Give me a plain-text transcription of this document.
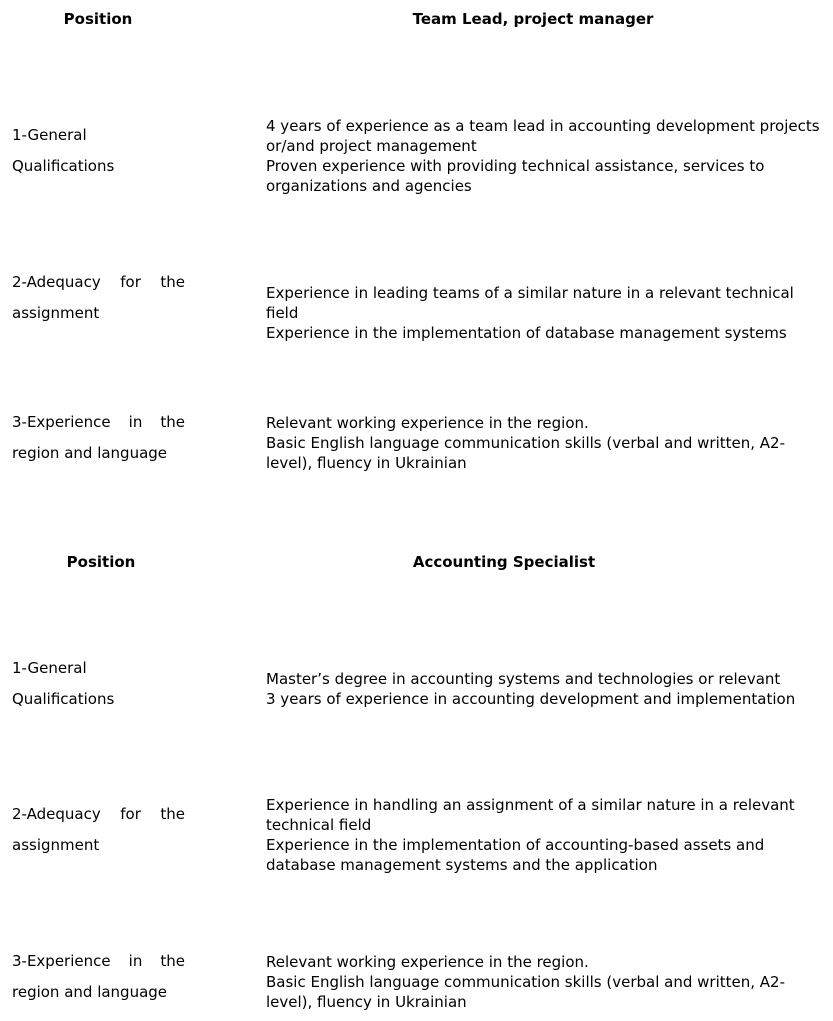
Position	Team Lead, project manager
1-General
Qualifications

4 years of experience as a team lead in accounting development projects or/and project management

Proven experience with providing technical assistance, services to organizations and agencies

2-Adequacy for the
assignment

Experience in leading teams of a similar nature in a relevant technical field

Experience in the implementation of database management systems

3-Experience in the
region and language

Relevant working experience in the region.

Basic English language communication skills (verbal and written, A2-level), fluency in Ukrainian

Position	Accounting Specialist
1-General
Qualifications

Master’s degree in accounting systems and technologies or relevant

3 years of experience in accounting development and implementation

2-Adequacy for the
assignment

Experience in handling an assignment of a similar nature in a relevant technical field

Experience in the implementation of accounting-based assets and database management systems and the application

3-Experience in the
region and language

Relevant working experience in the region.

Basic English language communication skills (verbal and written, A2-level), fluency in Ukrainian
